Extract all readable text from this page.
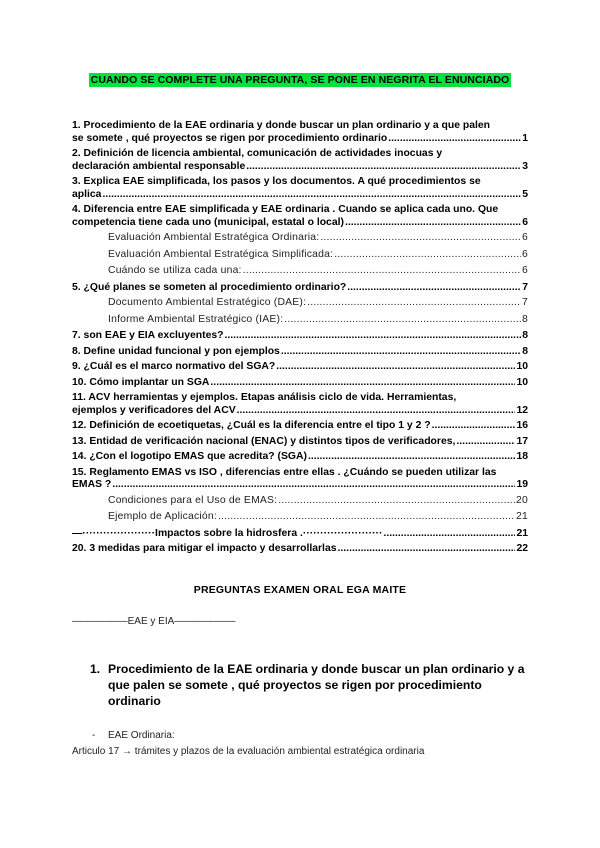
CUANDO SE COMPLETE UNA PREGUNTA, SE PONE EN NEGRITA EL ENUNCIADO
1. Procedimiento de la EAE ordinaria y donde buscar un plan ordinario y a que palen
se somete , qué proyectos se rigen por procedimiento ordinario .....	1
2. Definición de licencia ambiental, comunicación de actividades inocuas y
declaración ambiental responsable .....	3
3. Explica EAE simplificada, los pasos y los documentos. A qué procedimientos se
aplica .....	5
4. Diferencia entre EAE simplificada y EAE ordinaria . Cuando se aplica cada uno. Que
competencia tiene cada uno (municipal, estatal o local) .....	6
Evaluación Ambiental Estratégica Ordinaria: .....	6
Evaluación Ambiental Estratégica Simplificada: .....	6
Cuándo se utiliza cada una: .....	6
5. ¿Qué planes se someten al procedimiento ordinario? .....	7
Documento Ambiental Estratégico (DAE): .....	7
Informe Ambiental Estratégico (IAE): .....	8
7. son EAE y EIA excluyentes? .....	8
8. Define unidad funcional y pon ejemplos .....	8
9. ¿Cuál es el marco normativo del SGA? .....	10
10. Cómo implantar un SGA .....	10
11. ACV herramientas y ejemplos. Etapas análisis ciclo de vida. Herramientas,
ejemplos y verificadores del ACV .....	12
12. Definición de ecoetiquetas, ¿Cuál es la diferencia entre el tipo 1 y 2 ? .....	16
13. Entidad de verificación nacional (ENAC) y distintos tipos de verificadores, .....	17
14. ¿Con el logotipo EMAS que acredita? (SGA) .....	18
15. Reglamento EMAS vs ISO , diferencias entre ellas . ¿Cuándo se pueden utilizar las
EMAS ? .....	19
Condiciones para el Uso de EMAS: .....	20
Ejemplo de Aplicación: .....	21
—·····················Impactos sobre la hidrosfera .······················· .....	21
20. 3 medidas para mitigar el impacto y desarrollarlas .....	22
PREGUNTAS EXAMEN ORAL EGA MAITE
––––––––––EAE y EIA–––––––––––
1. Procedimiento de la EAE ordinaria y donde buscar un plan ordinario y a que palen se somete , qué proyectos se rigen por procedimiento ordinario
- EAE Ordinaria:
Articulo 17 → trámites y plazos de la evaluación ambiental estratégica ordinaria
